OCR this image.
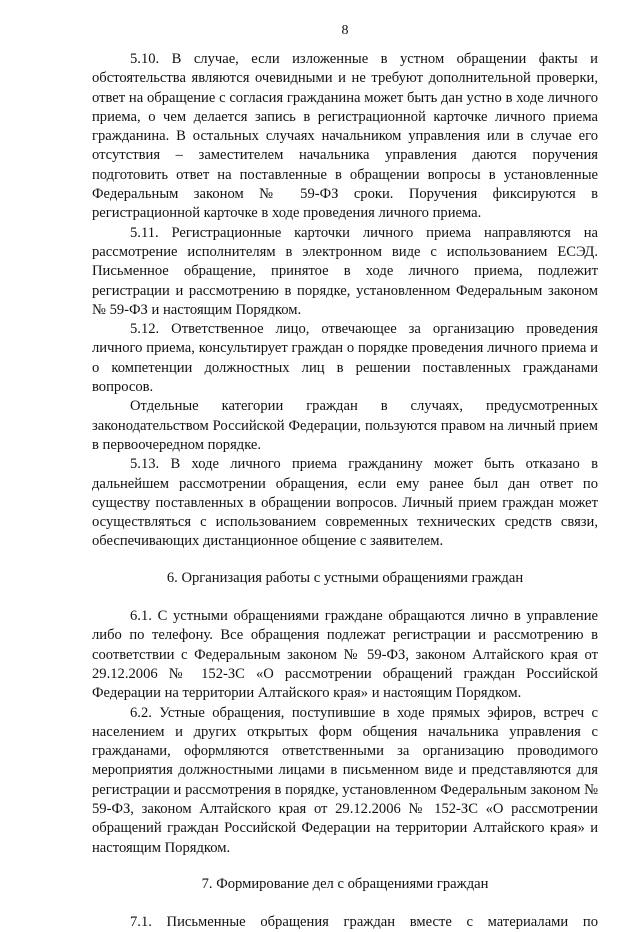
8

5.10. В случае, если изложенные в устном обращении факты и обстоятельства являются очевидными и не требуют дополнительной проверки, ответ на обращение с согласия гражданина может быть дан устно в ходе личного приема, о чем делается запись в регистрационной карточке личного приема гражданина. В остальных случаях начальником управления или в случае его отсутствия – заместителем начальника управления даются поручения подготовить ответ на поставленные в обращении вопросы в установленные Федеральным законом № 59-ФЗ сроки. Поручения фиксируются в регистрационной карточке в ходе проведения личного приема.

5.11. Регистрационные карточки личного приема направляются на рассмотрение исполнителям в электронном виде с использованием ЕСЭД. Письменное обращение, принятое в ходе личного приема, подлежит регистрации и рассмотрению в порядке, установленном Федеральным законом № 59-ФЗ и настоящим Порядком.

5.12. Ответственное лицо, отвечающее за организацию проведения личного приема, консультирует граждан о порядке проведения личного приема и о компетенции должностных лиц в решении поставленных гражданами вопросов.

Отдельные категории граждан в случаях, предусмотренных законодательством Российской Федерации, пользуются правом на личный прием в первоочередном порядке.

5.13. В ходе личного приема гражданину может быть отказано в дальнейшем рассмотрении обращения, если ему ранее был дан ответ по существу поставленных в обращении вопросов. Личный прием граждан может осуществляться с использованием современных технических средств связи, обеспечивающих дистанционное общение с заявителем.

6. Организация работы с устными обращениями граждан

6.1. С устными обращениями граждане обращаются лично в управление либо по телефону. Все обращения подлежат регистрации и рассмотрению в соответствии с Федеральным законом № 59-ФЗ, законом Алтайского края от 29.12.2006 № 152-ЗС «О рассмотрении обращений граждан Российской Федерации на территории Алтайского края» и настоящим Порядком.

6.2. Устные обращения, поступившие в ходе прямых эфиров, встреч с населением и других открытых форм общения начальника управления с гражданами, оформляются ответственными за организацию проводимого мероприятия должностными лицами в письменном виде и представляются для регистрации и рассмотрения в порядке, установленном Федеральным законом № 59-ФЗ, законом Алтайского края от 29.12.2006 № 152-ЗС «О рассмотрении обращений граждан Российской Федерации на территории Алтайского края» и настоящим Порядком.

7. Формирование дел с обращениями граждан

7.1. Письменные обращения граждан вместе с материалами по
